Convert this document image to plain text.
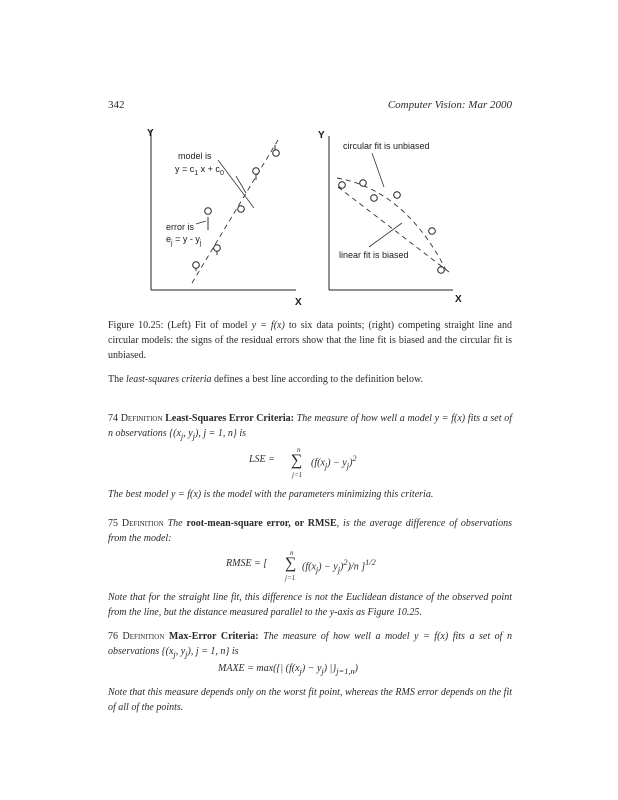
342	Computer Vision: Mar 2000
Y
X
model is
$y = c_1$ $x + c_0$
error is
$e_j = y - y_j$
Y
X
circular fit is unbiased
linear fit is biased
Figure 10.25: (Left) Fit of model y = f(x) to six data points; (right) competing straight line and circular models: the signs of the residual errors show that the line fit is biased and the circular fit is unbiased.
The least-squares criteria defines a best line according to the definition below.
74 Definition Least-Squares Error Criteria: The measure of how well a model y = f(x) fits a set of n observations {($x_j$, $y_j$), j = 1, n} is
LSE =
n
∑
j=1
$(f(x_j) - y_j)^2$
The best model y = f(x) is the model with the parameters minimizing this criteria.
75 Definition The root-mean-square error, or RMSE, is the average difference of observations from the model:
RMSE = [
n
∑
j=1
$(f(x_j) - y_j)^2)/n$ ]$^{1/2}$
Note that for the straight line fit, this difference is not the Euclidean distance of the observed point from the line, but the distance measured parallel to the y-axis as Figure 10.25.
76 Definition Max-Error Criteria: The measure of how well a model y = f(x) fits a set of n observations {($x_j$, $y_j$), j = 1, n} is
MAXE = max({| $(f(x_j) - y_j)$ $|\}_{j=1,n}$)
Note that this measure depends only on the worst fit point, whereas the RMS error depends on the fit of all of the points.
